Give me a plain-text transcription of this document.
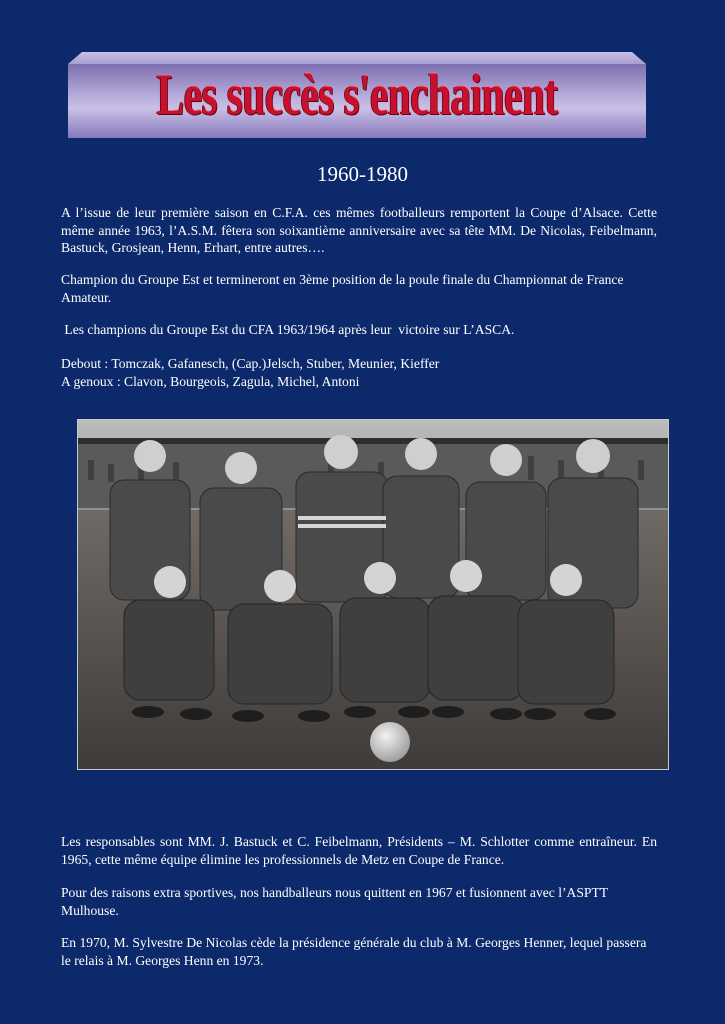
Les succès s'enchainent
1960-1980

A l’issue de leur première saison en C.F.A. ces mêmes footballeurs remportent la Coupe d’Alsace. Cette même année 1963, l’A.S.M. fêtera son soixantième anniversaire avec sa tête MM. De Nicolas, Feibelmann, Bastuck, Grosjean, Henn, Erhart, entre autres….

Champion du Groupe Est et termineront en 3ème position de la poule finale du Championnat de France Amateur.

Les champions du Groupe Est du CFA 1963/1964 après leur  victoire sur L’ASCA.

Debout : Tomczak, Gafanesch, (Cap.)Jelsch, Stuber, Meunier, Kieffer

A genoux : Clavon, Bourgeois, Zagula, Michel, Antoni

Les responsables sont MM. J. Bastuck et C. Feibelmann, Présidents – M. Schlotter comme entraîneur. En 1965, cette même équipe élimine les professionnels de Metz en Coupe de France.

Pour des raisons extra sportives, nos handballeurs nous quittent en 1967 et fusionnent avec l’ASPTT Mulhouse.

En 1970, M. Sylvestre De Nicolas cède la présidence générale du club à M. Georges Henner, lequel passera le relais à M. Georges Henn en 1973.
